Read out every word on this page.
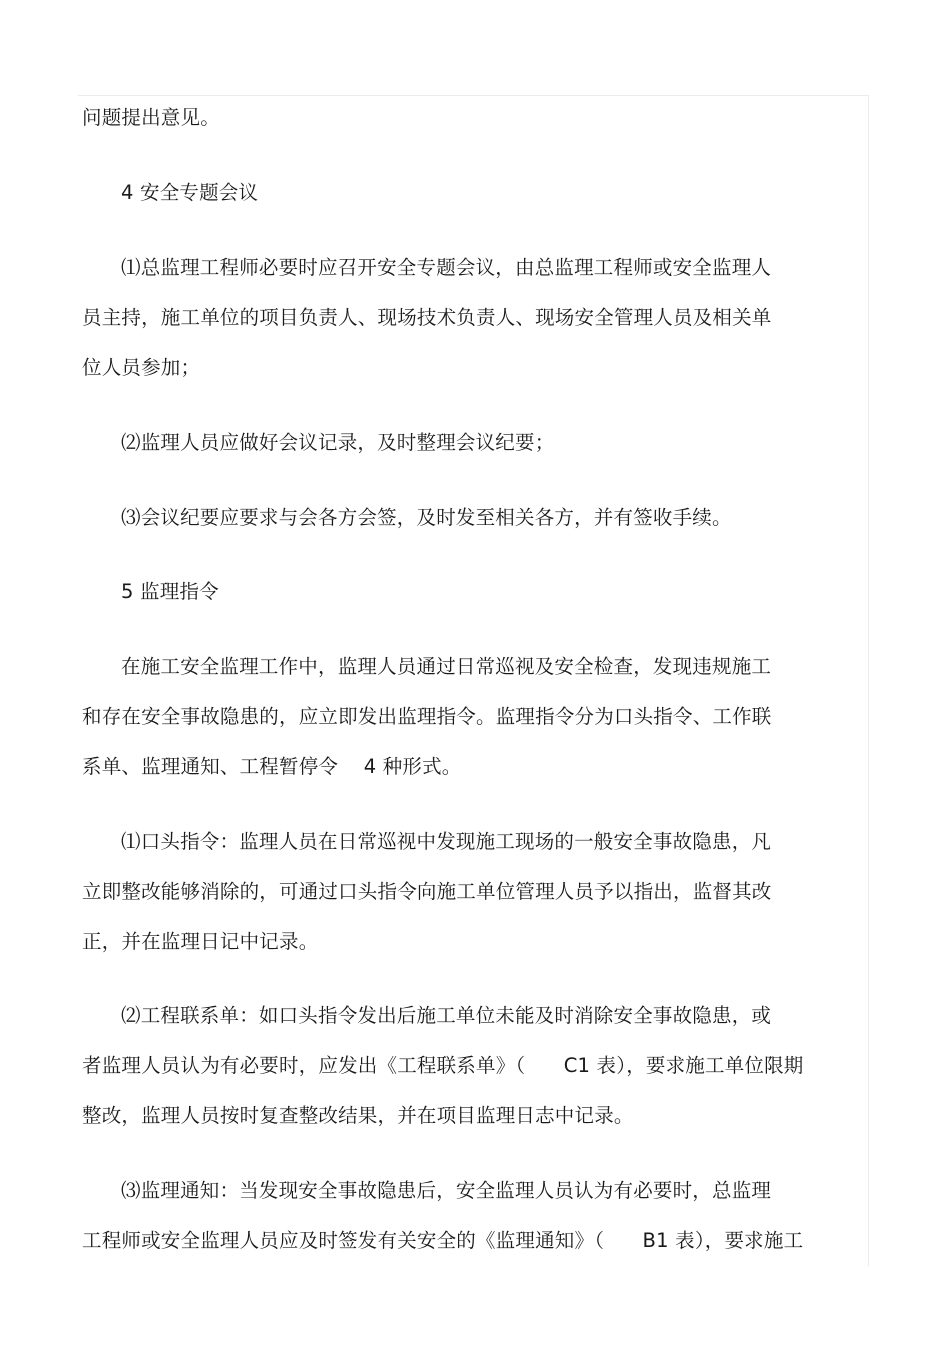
问题提出意见。
4 安全专题会议
⑴总监理工程师必要时应召开安全专题会议，由总监理工程师或安全监理人
员主持，施工单位的项目负责人、现场技术负责人、现场安全管理人员及相关单
位人员参加；
⑵监理人员应做好会议记录，及时整理会议纪要；
⑶会议纪要应要求与会各方会签，及时发至相关各方，并有签收手续。
5 监理指令
在施工安全监理工作中，监理人员通过日常巡视及安全检查，发现违规施工
和存在安全事故隐患的，应立即发出监理指令。监理指令分为口头指令、工作联
系单、监理通知、工程暂停令    4 种形式。
⑴口头指令：监理人员在日常巡视中发现施工现场的一般安全事故隐患，凡
立即整改能够消除的，可通过口头指令向施工单位管理人员予以指出，监督其改
正，并在监理日记中记录。
⑵工程联系单：如口头指令发出后施工单位未能及时消除安全事故隐患，或
者监理人员认为有必要时，应发出《工程联系单》（      C1 表），要求施工单位限期
整改，监理人员按时复查整改结果，并在项目监理日志中记录。
⑶监理通知：当发现安全事故隐患后，安全监理人员认为有必要时，总监理
工程师或安全监理人员应及时签发有关安全的《监理通知》（      B1 表），要求施工
